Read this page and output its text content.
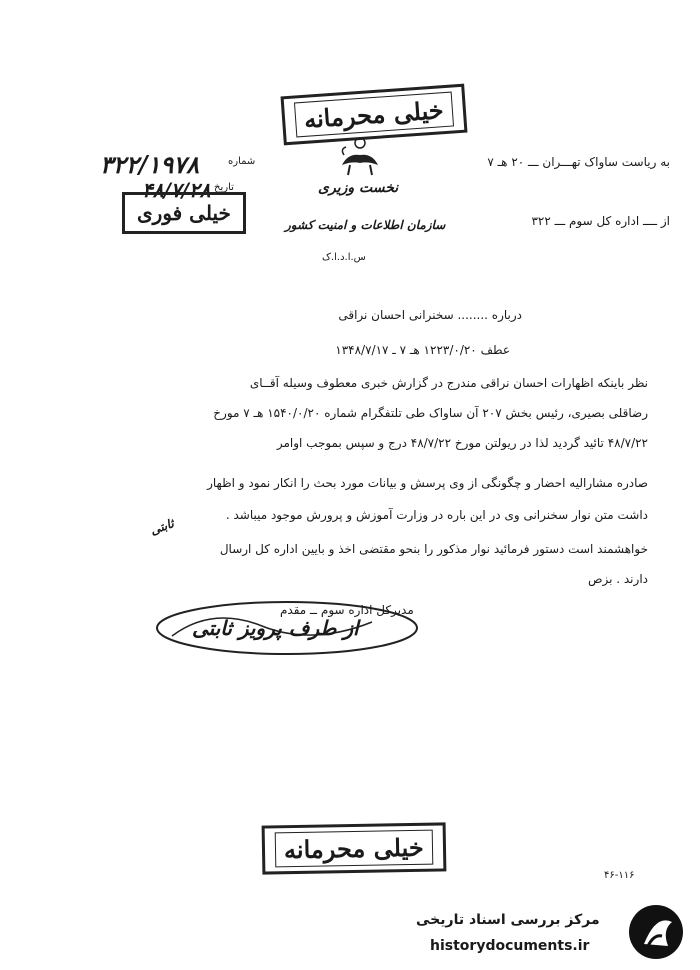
خیلی محرمانه
نخست وزیری
سازمان اطلاعات و امنیت کشور
س.ا.د.ا.ک
به ریاست ساواک تهـــران ـــ ۲۰ هـ ۷
از ــــ اداره کل سوم ـــ ۳۲۲
شماره
۳۲۲/۱۹۷۸
تاریخ
۴۸/۷/۲۸
خیلی فوری
درباره ........ سخنرانی احسان نراقی
عطف ۱۲۲۳/۰/۲۰ هـ ۷ ـ ۱۳۴۸/۷/۱۷
نظر باینکه اظهارات احسان نراقی مندرج در گزارش خبری معطوف وسیله آقــای
رضاقلی بصیری، رئیس بخش ۲۰۷ آن ساواک طی تلتفگرام شماره ۱۵۴۰/۰/۲۰ هـ ۷ مورخ
۴۸/۷/۲۲ تائید گردید لذا در ریولتن مورخ ۴۸/۷/۲۲ درج و سپس بموجب اوامر
صادره مشارالیه احضار و چگونگی از وی پرسش و بیانات مورد بحث را انکار نمود و اظهار
داشت متن نوار سخنرانی وی در این باره در وزارت آموزش و پرورش موجود میباشد .
خواهشمند است دستور فرمائید نوار مذکور را بنحو مقتضی اخذ و بایین اداره کل ارسال
دارند . بزص
ثابتی
مدیرکل اداره سوم ــ مقدم
از طرف پرویز ثابتی
خیلی محرمانه
۴۶-۱۱۶
مرکز بررسی اسناد تاریخی
historydocuments.ir
